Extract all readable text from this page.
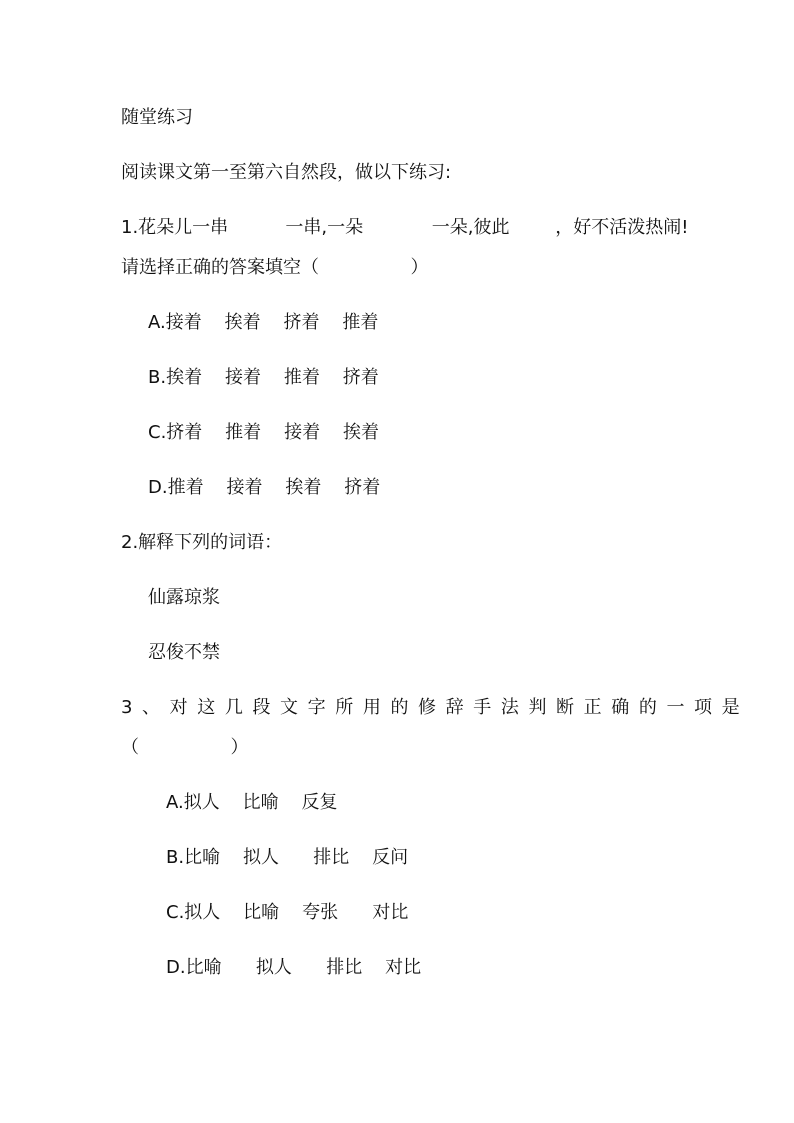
随堂练习
阅读课文第一至第六自然段，做以下练习:
1.花朵儿一串          一串,一朵            一朵,彼此        ，好不活泼热闹!
请选择正确的答案填空（                ）
A.接着    挨着    挤着    推着
B.挨着    接着    推着    挤着
C.挤着    推着    接着    挨着
D.推着    接着    挨着    挤着
2.解释下列的词语：
仙露琼浆
忍俊不禁
3、对这几段文字所用的修辞手法判断正确的一项是
（                ）
A.拟人    比喻    反复
B.比喻    拟人      排比    反问
C.拟人    比喻    夸张      对比
D.比喻      拟人      排比    对比
